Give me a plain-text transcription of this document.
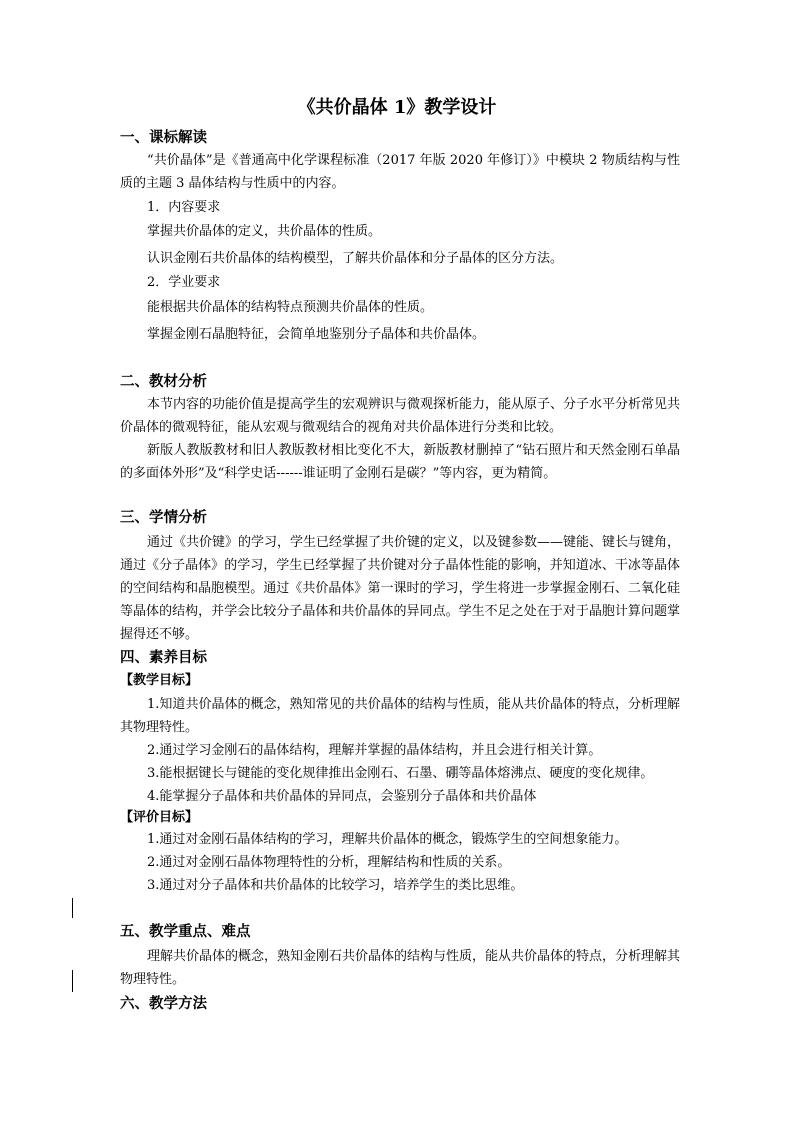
《共价晶体 1》教学设计
一、课标解读
“共价晶体”是《普通高中化学课程标准（2017 年版 2020 年修订）》中模块 2 物质结构与性质的主题 3 晶体结构与性质中的内容。
1．内容要求
掌握共价晶体的定义，共价晶体的性质。
认识金刚石共价晶体的结构模型，了解共价晶体和分子晶体的区分方法。
2．学业要求
能根据共价晶体的结构特点预测共价晶体的性质。
掌握金刚石晶胞特征，会简单地鉴别分子晶体和共价晶体。
二、教材分析
本节内容的功能价值是提高学生的宏观辨识与微观探析能力，能从原子、分子水平分析常见共价晶体的微观特征，能从宏观与微观结合的视角对共价晶体进行分类和比较。
新版人教版教材和旧人教版教材相比变化不大，新版教材删掉了“钻石照片和天然金刚石单晶的多面体外形”及“科学史话------谁证明了金刚石是碳？”等内容，更为精简。
三、学情分析
通过《共价键》的学习，学生已经掌握了共价键的定义，以及键参数——键能、键长与键角，通过《分子晶体》的学习，学生已经掌握了共价键对分子晶体性能的影响，并知道冰、干冰等晶体的空间结构和晶胞模型。通过《共价晶体》第一课时的学习，学生将进一步掌握金刚石、二氧化硅等晶体的结构，并学会比较分子晶体和共价晶体的异同点。学生不足之处在于对于晶胞计算问题掌握得还不够。
四、素养目标
【教学目标】
1.知道共价晶体的概念，熟知常见的共价晶体的结构与性质，能从共价晶体的特点，分析理解其物理特性。
2.通过学习金刚石的晶体结构，理解并掌握的晶体结构，并且会进行相关计算。
3.能根据键长与键能的变化规律推出金刚石、石墨、硼等晶体熔沸点、硬度的变化规律。
4.能掌握分子晶体和共价晶体的异同点，会鉴别分子晶体和共价晶体
【评价目标】
1.通过对金刚石晶体结构的学习，理解共价晶体的概念，锻炼学生的空间想象能力。
2.通过对金刚石晶体物理特性的分析，理解结构和性质的关系。
3.通过对分子晶体和共价晶体的比较学习，培养学生的类比思维。
五、教学重点、难点
理解共价晶体的概念，熟知金刚石共价晶体的结构与性质，能从共价晶体的特点，分析理解其物理特性。
六、教学方法
